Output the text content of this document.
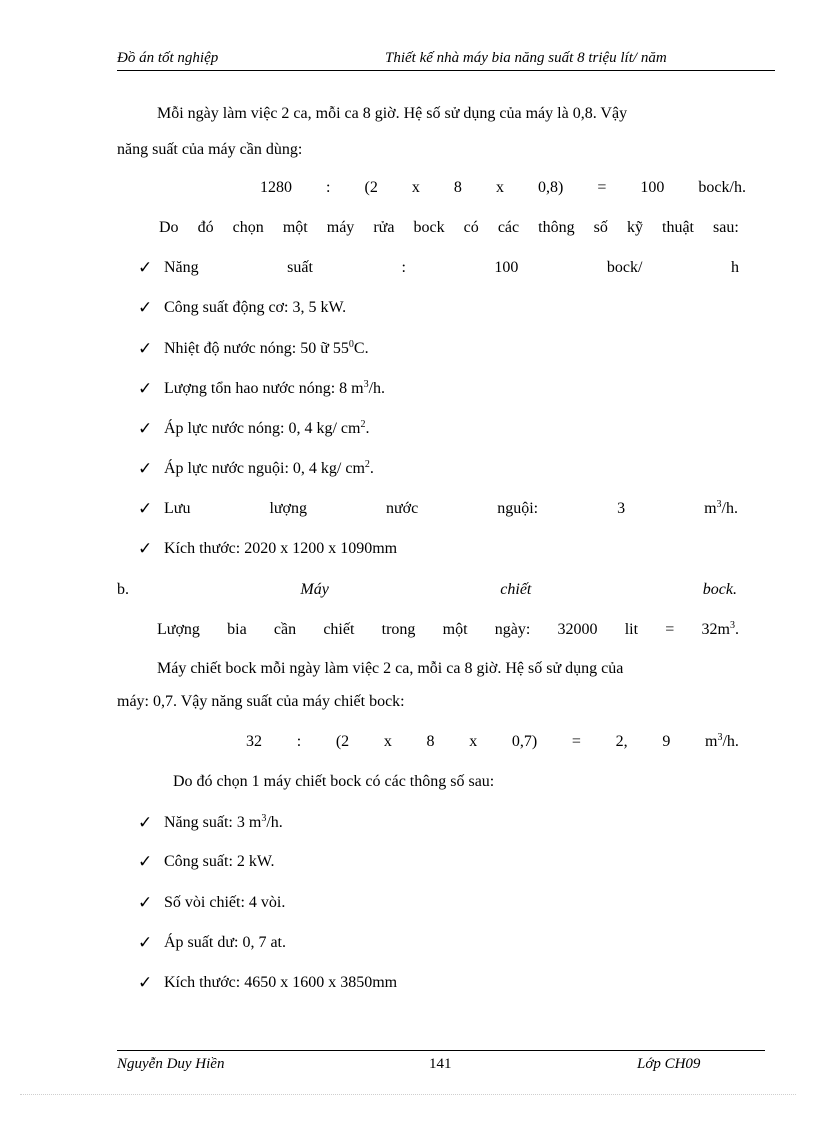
Đồ án tốt nghiệp	Thiết kế nhà máy bia năng suất 8 triệu lít/ năm
Mỗi ngày làm việc 2 ca, mỗi ca 8 giờ. Hệ số sử dụng của máy là 0,8. Vậy
năng suất của máy cần dùng:
1280 : (2 x 8 x 0,8) = 100 bock/h.
Do đó chọn một máy rửa bock có các thông số kỹ thuật sau:
✓ Năng	suất	:	100	bock/	h
✓ Công suất động cơ: 3, 5 kW.
✓ Nhiệt độ nước nóng: 50 ữ $55^0C$.
✓ Lượng tổn hao nước nóng: 8 $m^3/h$.
✓ Áp lực nước nóng: 0, 4 kg/ $cm^2$.
✓ Áp lực nước nguội: 0, 4 kg/ $cm^2$.
✓ Lưu	lượng	nước	nguội:	3	$m^3/h$.
✓ Kích thước: 2020 x 1200 x 1090mm
b.	Máy	chiết	bock.
Lượng bia cần chiết trong một ngày: 32000 lit = $32m^3$.
Máy chiết bock mỗi ngày làm việc 2 ca, mỗi ca 8 giờ. Hệ số sử dụng của
máy: 0,7. Vậy năng suất của máy chiết bock:
32 : (2 x 8 x 0,7) = 2, 9 $m^3/h$.
Do đó chọn 1 máy chiết bock có các thông số sau:
✓ Năng suất: 3 $m^3/h$.
✓ Công suất: 2 kW.
✓ Số vòi chiết: 4 vòi.
✓ Áp suất dư: 0, 7 at.
✓ Kích thước: 4650 x 1600 x 3850mm
Nguyễn Duy Hiền	141	Lớp CH09
